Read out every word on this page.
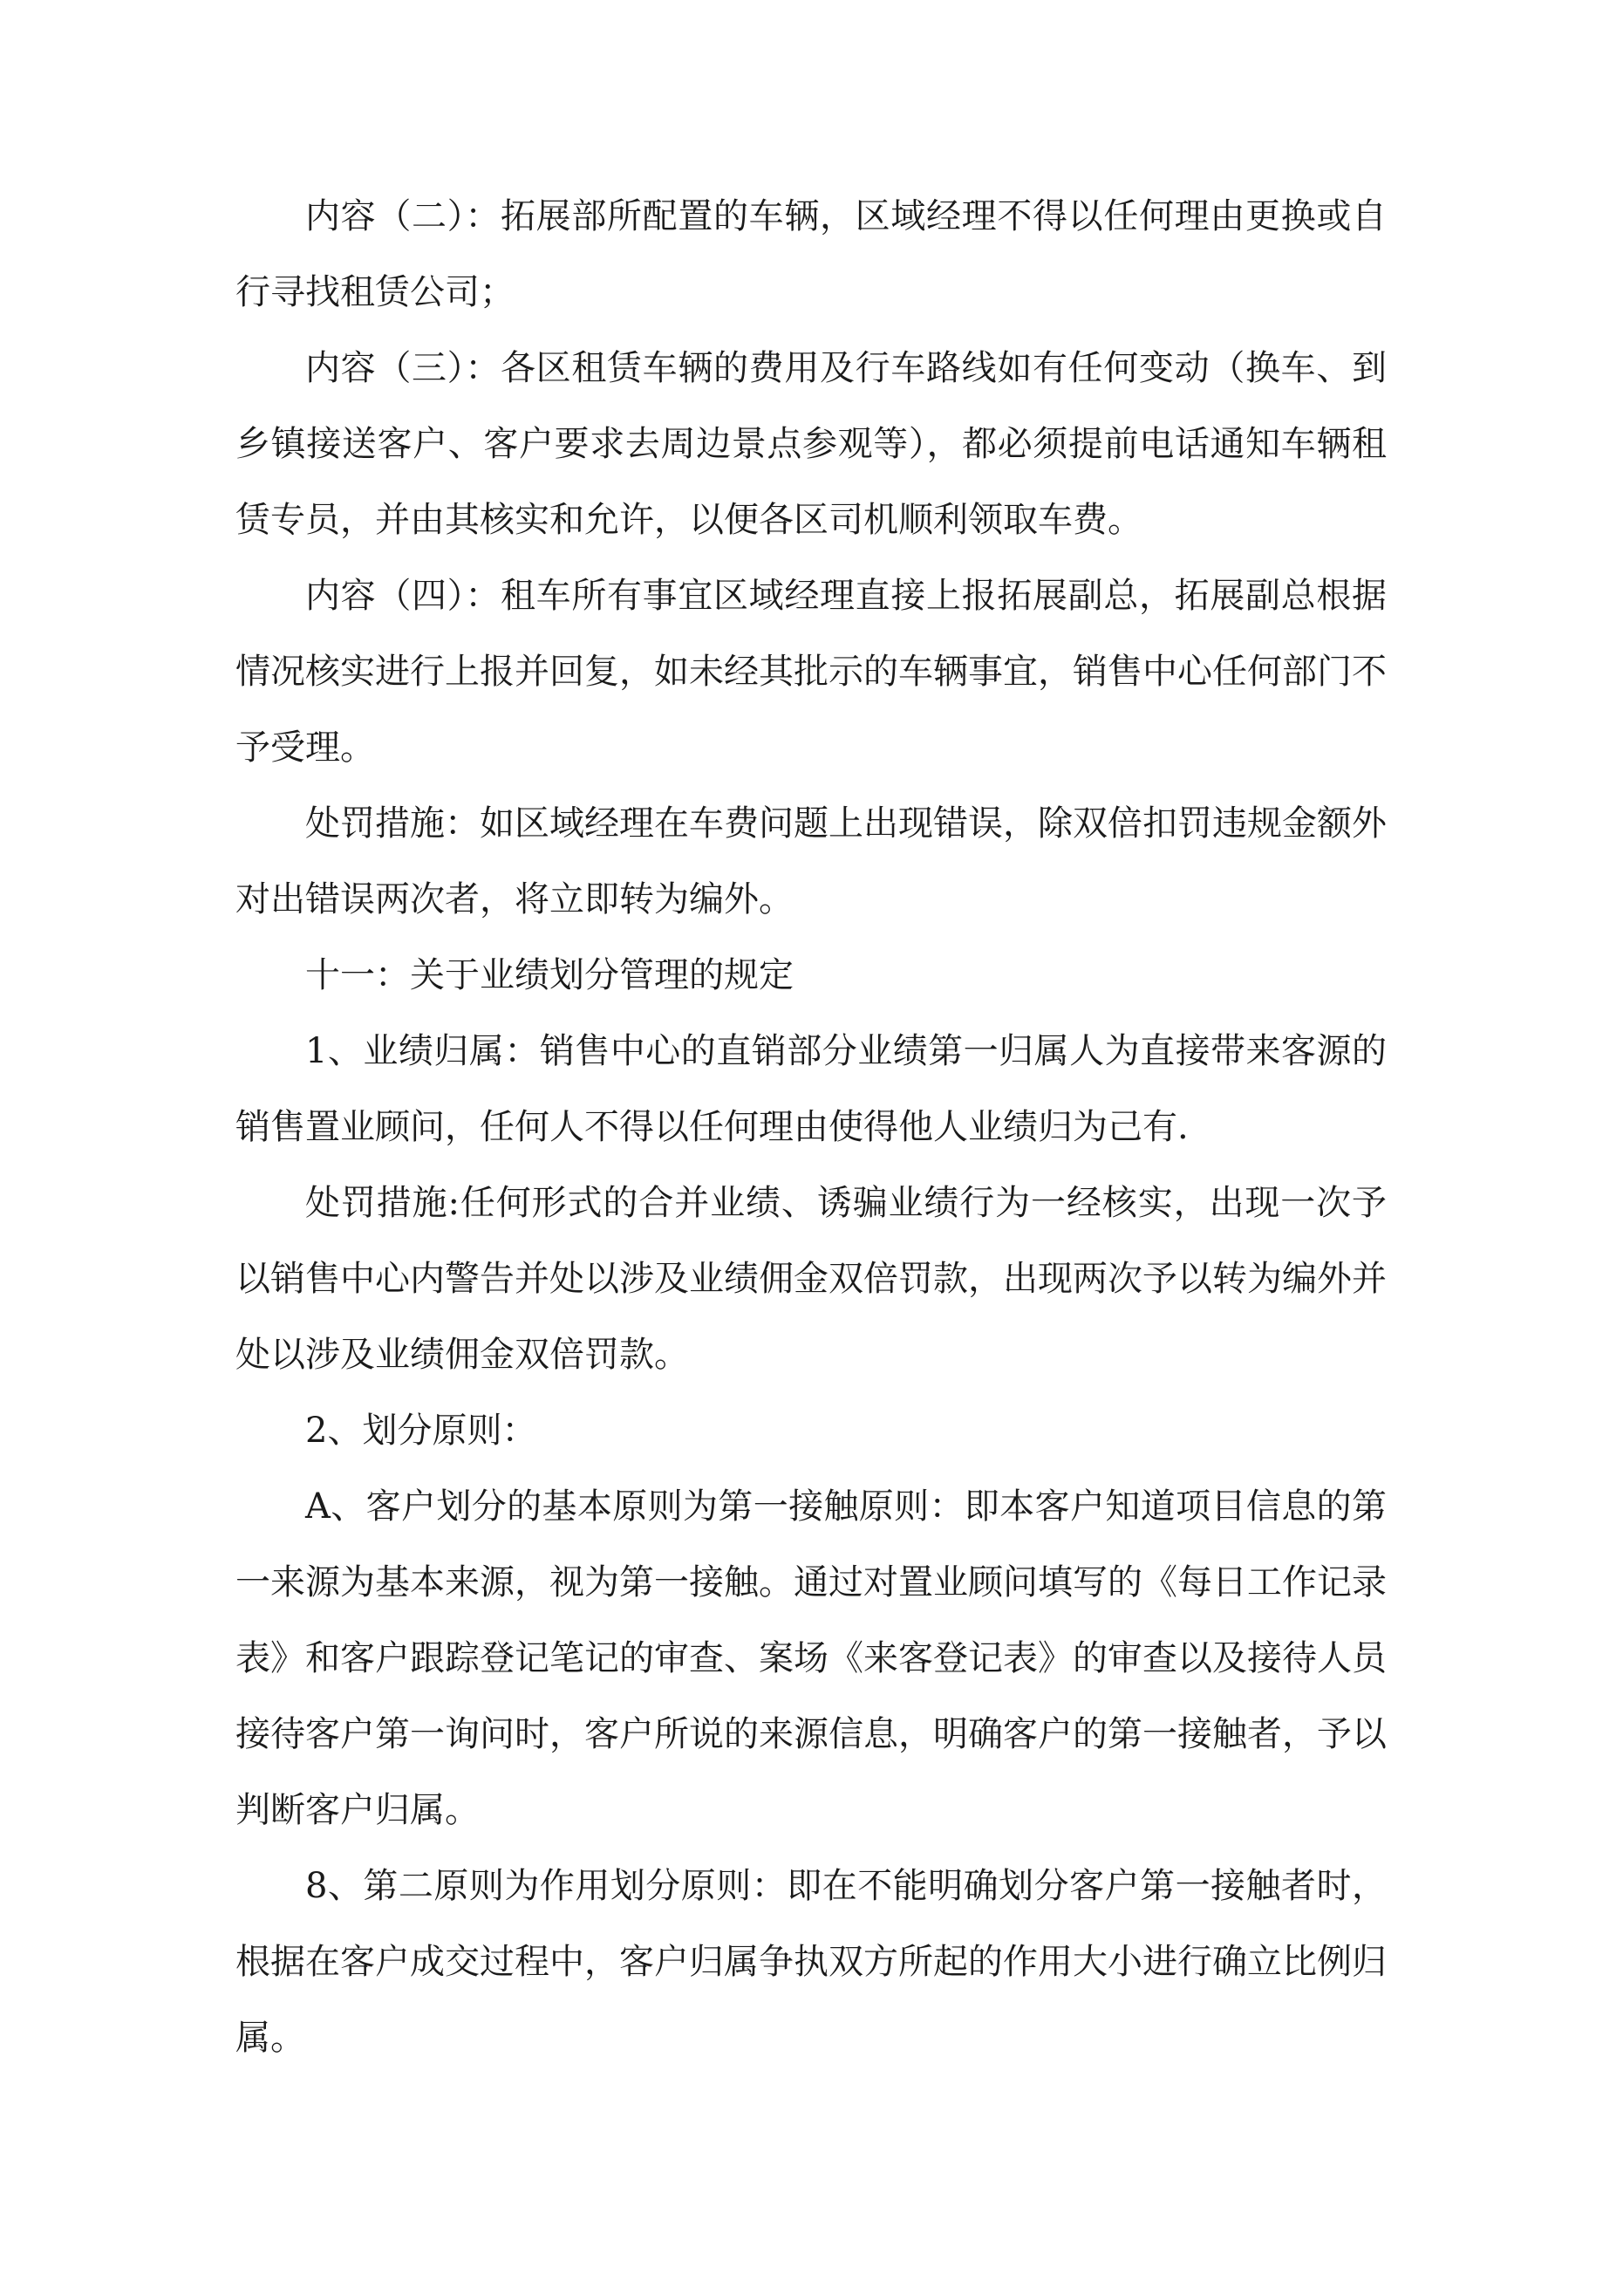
内容（二）：拓展部所配置的车辆，区域经理不得以任何理由更换或自行寻找租赁公司；

内容（三）：各区租赁车辆的费用及行车路线如有任何变动（换车、到乡镇接送客户、客户要求去周边景点参观等），都必须提前电话通知车辆租赁专员，并由其核实和允许，以便各区司机顺利领取车费。

内容（四）：租车所有事宜区域经理直接上报拓展副总，拓展副总根据情况核实进行上报并回复，如未经其批示的车辆事宜，销售中心任何部门不予受理。

处罚措施：如区域经理在车费问题上出现错误，除双倍扣罚违规金额外对出错误两次者，将立即转为编外。

十一：关于业绩划分管理的规定

1、业绩归属：销售中心的直销部分业绩第一归属人为直接带来客源的销售置业顾问，任何人不得以任何理由使得他人业绩归为己有.

处罚措施:任何形式的合并业绩、诱骗业绩行为一经核实，出现一次予以销售中心内警告并处以涉及业绩佣金双倍罚款，出现两次予以转为编外并处以涉及业绩佣金双倍罚款。

2、划分原则：

A、客户划分的基本原则为第一接触原则：即本客户知道项目信息的第一来源为基本来源，视为第一接触。通过对置业顾问填写的《每日工作记录表》和客户跟踪登记笔记的审查、案场《来客登记表》的审查以及接待人员接待客户第一询问时，客户所说的来源信息，明确客户的第一接触者，予以判断客户归属。

8、第二原则为作用划分原则：即在不能明确划分客户第一接触者时，根据在客户成交过程中，客户归属争执双方所起的作用大小进行确立比例归属。
